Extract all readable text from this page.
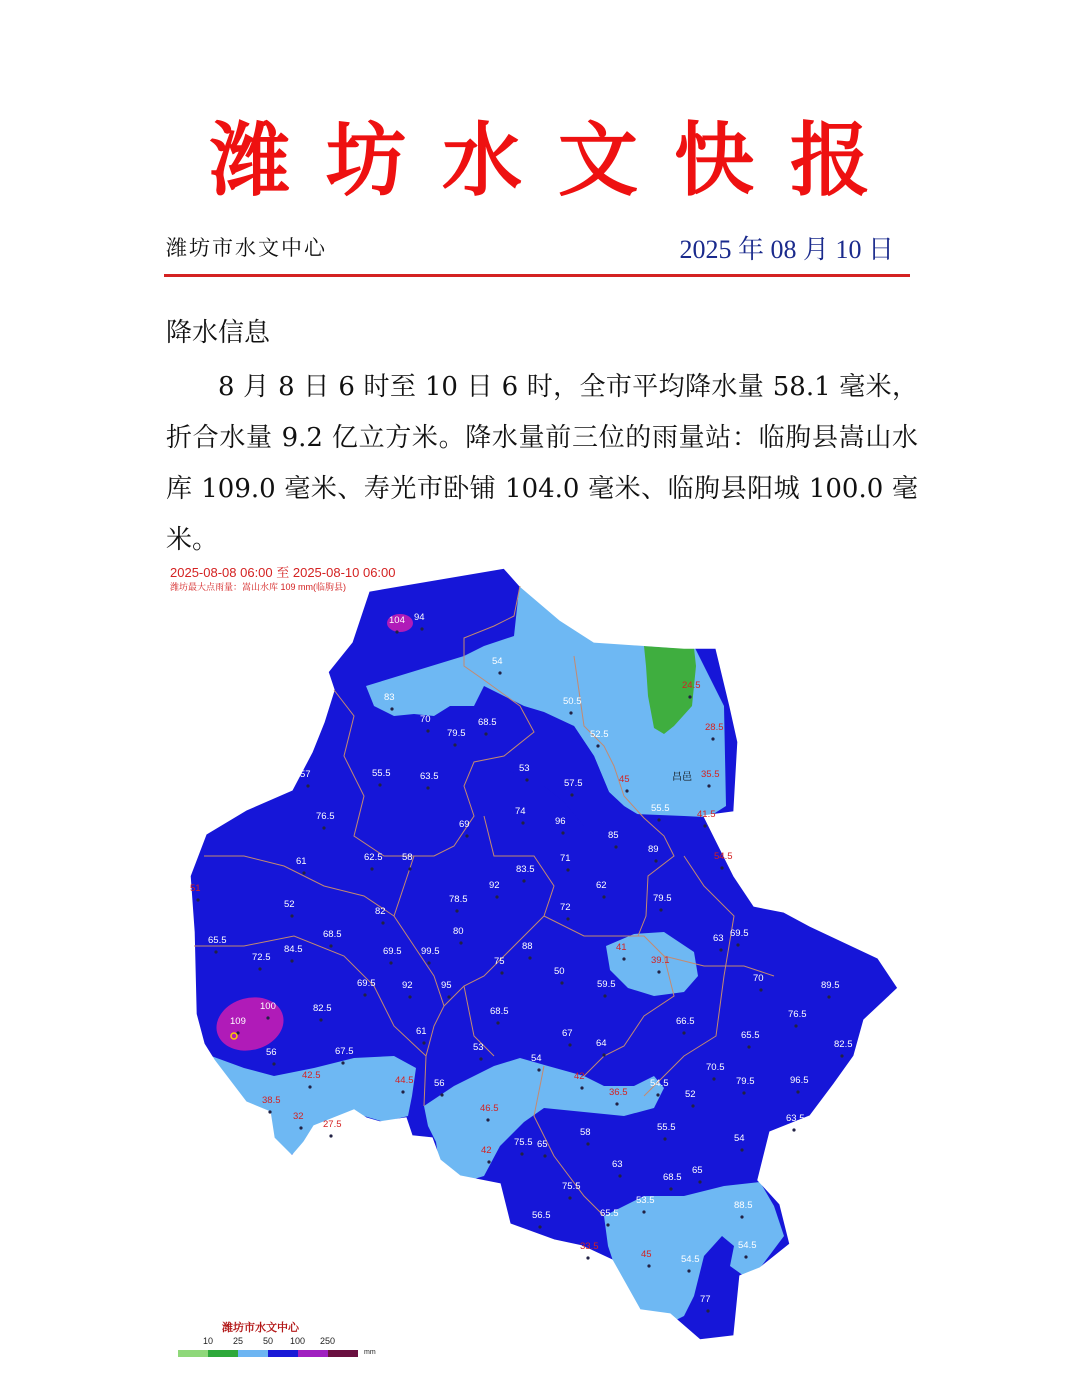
潍坊水文快报
潍坊市水文中心	2025 年 08 月 10 日
降水信息
8 月 8 日 6 时至 10 日 6 时，全市平均降水量 58.1 毫米，折合水量 9.2 亿立方米。降水量前三位的雨量站：临朐县嵩山水库 109.0 毫米、寿光市卧铺 104.0 毫米、临朐县阳城 100.0 毫米。
104 94
54
24.5
83	50.5
70	68.5
79.5	52.5
28.5
57	55.5	63.5
53
57.5
35.5
45
76.5	74	55.5
41.5
69	96
85
89
54.5
61	62.5 58	71
83.5
62
51	92
78.5
72
79.5
52
82
80
63 69.5
65.5
68.5
88	41
72.5
84.5	69.5 99.5
75	39.1
70
50
89.5
69.5	92	95	59.5
100	82.5
76.5
109
68.5
66.5
61	67
64
65.5
82.5
56	67.5	53
54
70.5
42.5	44.5 56
42
36.5
54.5	79.5	96.5
38.5
52
32
46.5
63.5
27.5	55.5
58
54
65
42
63
75.5
65
75.5
68.5
53.5	88.5
56.5	65.5
54.5
33.5
45	54.5
77
昌邑
2025-08-08 06:00 至 2025-08-10 06:00
潍坊最大点雨量：嵩山水库 109 mm(临朐县)
潍坊市水文中心
10 25 50 100 250
mm
